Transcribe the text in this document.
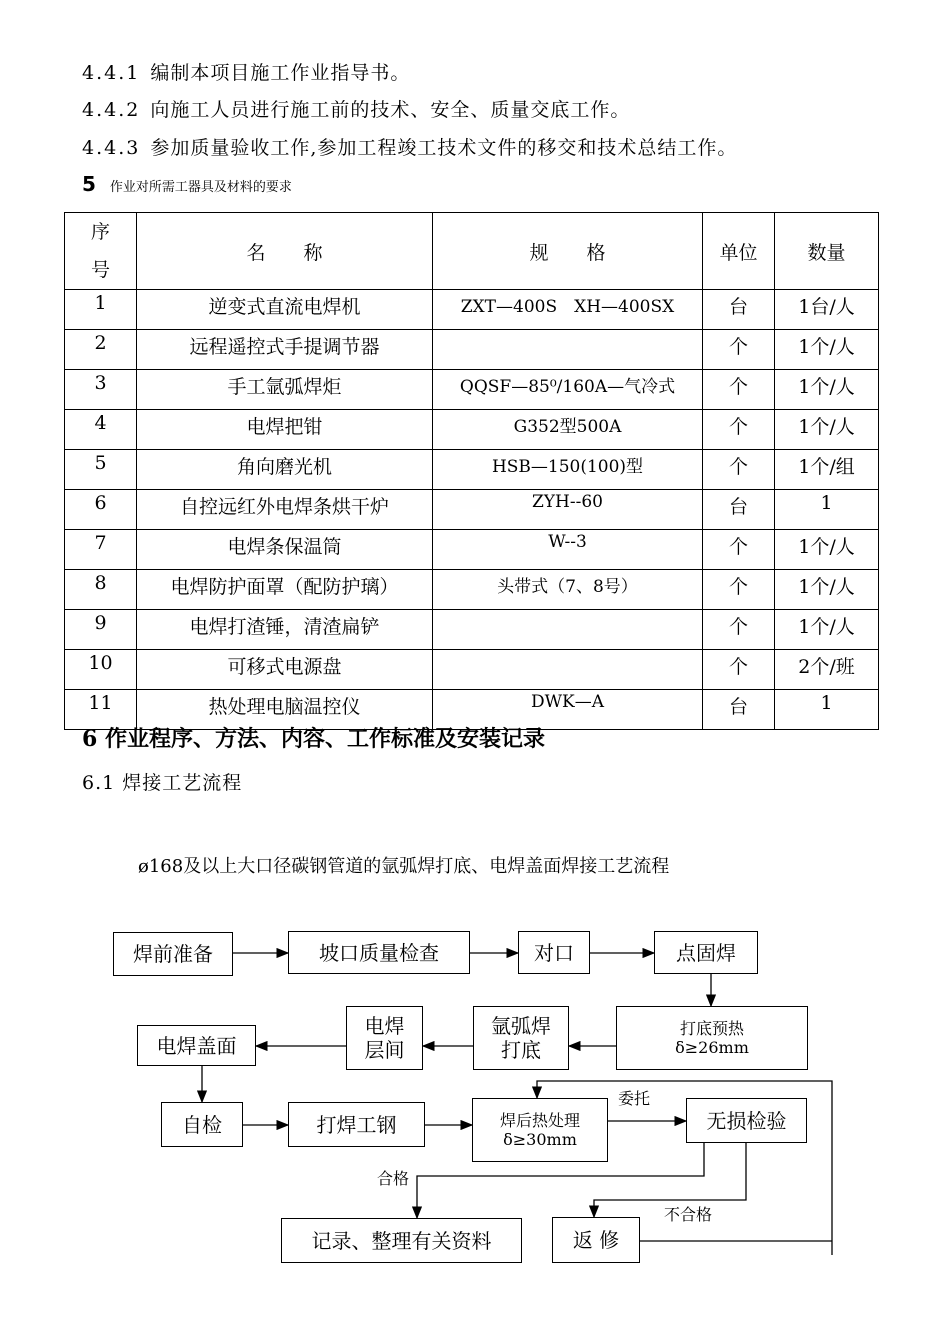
4.4.1 编制本项目施工作业指导书。
4.4.2 向施工人员进行施工前的技术、安全、质量交底工作。
4.4.3 参加质量验收工作,参加工程竣工技术文件的移交和技术总结工作。
5 作业对所需工器具及材料的要求
序号	名　　称	规　　格	单位	数量
1	逆变式直流电焊机	ZXT—400S　XH—400SX	台	1台/人
2	远程遥控式手提调节器		个	1个/人
3	手工氩弧焊炬	QQSF—85⁰/160A—气冷式	个	1个/人
4	电焊把钳	G352型500A	个	1个/人
5	角向磨光机	HSB—150(100)型	个	1个/组
6	自控远红外电焊条烘干炉	ZYH--60	台	1
7	电焊条保温筒	W--3	个	1个/人
8	电焊防护面罩（配防护璃）	头带式（7、8号）	个	1个/人
9	电焊打渣锤，清渣扁铲		个	1个/人
10	可移式电源盘		个	2个/班
11	热处理电脑温控仪	DWK—A	台	1
6 作业程序、方法、内容、工作标准及安装记录
6.1 焊接工艺流程
ø168及以上大口径碳钢管道的氩弧焊打底、电焊盖面焊接工艺流程
焊前准备	坡口质量检查	对口	点固焊
打底预热
δ≥26mm
氩弧焊
打底
电焊
层间
电焊盖面
自检	打焊工钢	焊后热处理
δ≥30mm
无损检验
记录、整理有关资料	返 修
委托
合格
不合格
